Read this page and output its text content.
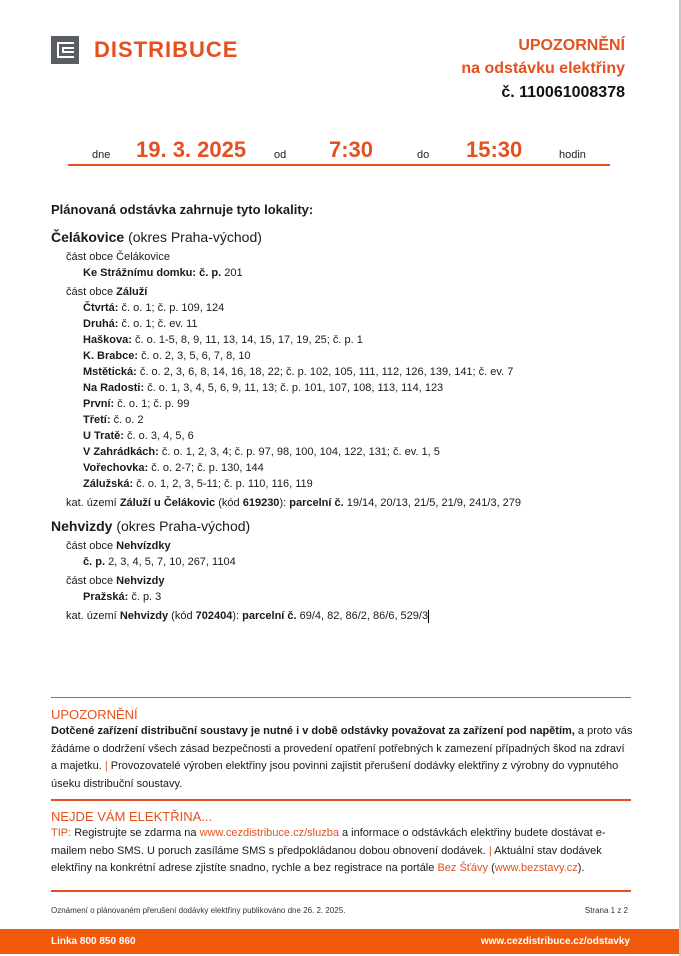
DISTRIBUCE	UPOZORNĚNÍ
na odstávku elektřiny
č. 110061008378
dne 19. 3. 2025	od 7:30	do 15:30	hodin
Plánovaná odstávka zahrnuje tyto lokality:
Čelákovice (okres Praha-východ)
část obce Čelákovice
Ke Strážnímu domku: č. p. 201
část obce Záluží
Čtvrtá: č. o. 1; č. p. 109, 124
Druhá: č. o. 1; č. ev. 11
Haškova: č. o. 1-5, 8, 9, 11, 13, 14, 15, 17, 19, 25; č. p. 1
K. Brabce: č. o. 2, 3, 5, 6, 7, 8, 10
Mstětická: č. o. 2, 3, 6, 8, 14, 16, 18, 22; č. p. 102, 105, 111, 112, 126, 139, 141; č. ev. 7
Na Radosti: č. o. 1, 3, 4, 5, 6, 9, 11, 13; č. p. 101, 107, 108, 113, 114, 123
První: č. o. 1; č. p. 99
Třetí: č. o. 2
U Tratě: č. o. 3, 4, 5, 6
V Zahrádkách: č. o. 1, 2, 3, 4; č. p. 97, 98, 100, 104, 122, 131; č. ev. 1, 5
Vořechovka: č. o. 2-7; č. p. 130, 144
Zálužská: č. o. 1, 2, 3, 5-11; č. p. 110, 116, 119
kat. území Záluží u Čelákovic (kód 619230): parcelní č. 19/14, 20/13, 21/5, 21/9, 241/3, 279
Nehvizdy (okres Praha-východ)
část obce Nehvízdky
č. p. 2, 3, 4, 5, 7, 10, 267, 1104
část obce Nehvizdy
Pražská: č. p. 3
kat. území Nehvizdy (kód 702404): parcelní č. 69/4, 82, 86/2, 86/6, 529/3
UPOZORNĚNÍ
Dotčené zařízení distribuční soustavy je nutné i v době odstávky považovat za zařízení pod napětím, a proto vás žádáme o dodržení všech zásad bezpečnosti a provedení opatření potřebných k zamezení případných škod na zdraví a majetku. | Provozovatelé výroben elektřiny jsou povinni zajistit přerušení dodávky elektřiny z výrobny do vypnutého úseku distribuční soustavy.
NEJDE VÁM ELEKTŘINA...
TIP: Registrujte se zdarma na www.cezdistribuce.cz/sluzba a informace o odstávkách elektřiny budete dostávat e-mailem nebo SMS. U poruch zasíláme SMS s předpokládanou dobou obnovení dodávek. | Aktuální stav dodávek elektřiny na konkrétní adrese zjistíte snadno, rychle a bez registrace na portále Bez Šťávy (www.bezstavy.cz).
Oznámení o plánovaném přerušení dodávky elektřiny publikováno dne 26. 2. 2025.	Strana 1 z 2
Linka 800 850 860	www.cezdistribuce.cz/odstavky
